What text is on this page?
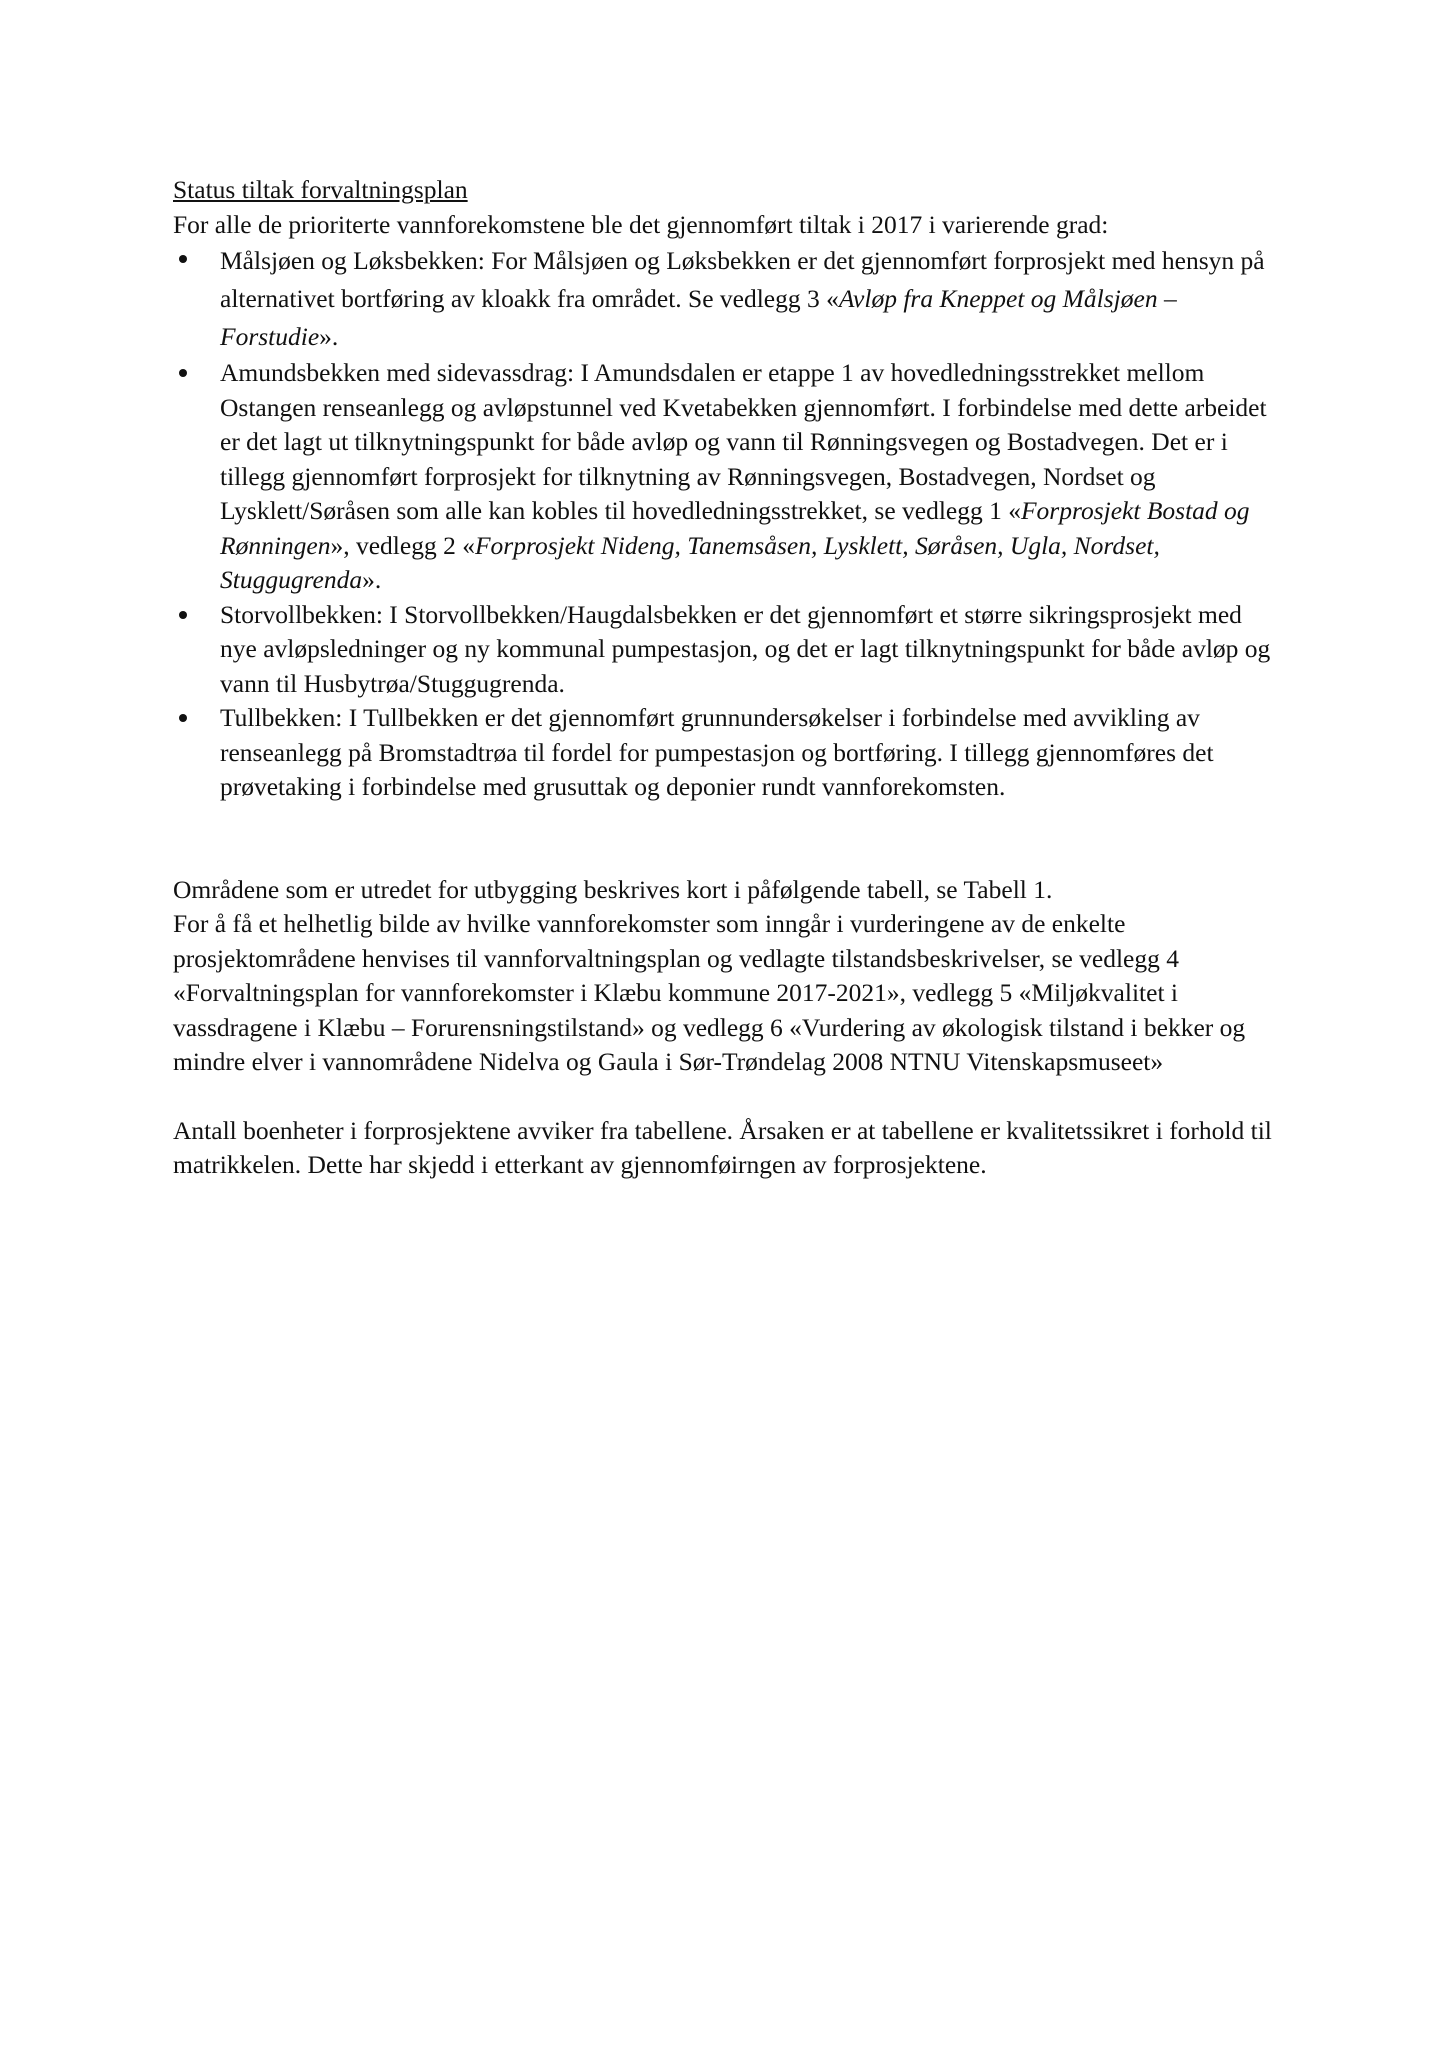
Status tiltak forvaltningsplan

For alle de prioriterte vannforekomstene ble det gjennomført tiltak i 2017 i varierende grad:

Målsjøen og Løksbekken: For Målsjøen og Løksbekken er det gjennomført forprosjekt med hensyn på alternativet bortføring av kloakk fra området. Se vedlegg 3 «Avløp fra Kneppet og Målsjøen – Forstudie».
Amundsbekken med sidevassdrag: I Amundsdalen er etappe 1 av hovedledningsstrekket mellom Ostangen renseanlegg og avløpstunnel ved Kvetabekken gjennomført. I forbindelse med dette arbeidet er det lagt ut tilknytningspunkt for både avløp og vann til Rønningsvegen og Bostadvegen. Det er i tillegg gjennomført forprosjekt for tilknytning av Rønningsvegen, Bostadvegen, Nordset og Lysklett/Søråsen som alle kan kobles til hovedledningsstrekket, se vedlegg 1 «Forprosjekt Bostad og Rønningen», vedlegg 2 «Forprosjekt Nideng, Tanemsåsen, Lysklett, Søråsen, Ugla, Nordset, Stuggugrenda».
Storvollbekken: I Storvollbekken/Haugdalsbekken er det gjennomført et større sikringsprosjekt med nye avløpsledninger og ny kommunal pumpestasjon, og det er lagt tilknytningspunkt for både avløp og vann til Husbytrøa/Stuggugrenda.
Tullbekken: I Tullbekken er det gjennomført grunnundersøkelser i forbindelse med avvikling av renseanlegg på Bromstadtrøa til fordel for pumpestasjon og bortføring. I tillegg gjennomføres det prøvetaking i forbindelse med grusuttak og deponier rundt vannforekomsten.

Områdene som er utredet for utbygging beskrives kort i påfølgende tabell, se Tabell 1.
For å få et helhetlig bilde av hvilke vannforekomster som inngår i vurderingene av de enkelte prosjektområdene henvises til vannforvaltningsplan og vedlagte tilstandsbeskrivelser, se vedlegg 4 «Forvaltningsplan for vannforekomster i Klæbu kommune 2017-2021», vedlegg 5 «Miljøkvalitet i vassdragene i Klæbu – Forurensningstilstand» og vedlegg 6 «Vurdering av økologisk tilstand i bekker og mindre elver i vannområdene Nidelva og Gaula i Sør-Trøndelag 2008 NTNU Vitenskapsmuseet»

Antall boenheter i forprosjektene avviker fra tabellene. Årsaken er at tabellene er kvalitetssikret i forhold til matrikkelen. Dette har skjedd i etterkant av gjennomføirngen av forprosjektene.
